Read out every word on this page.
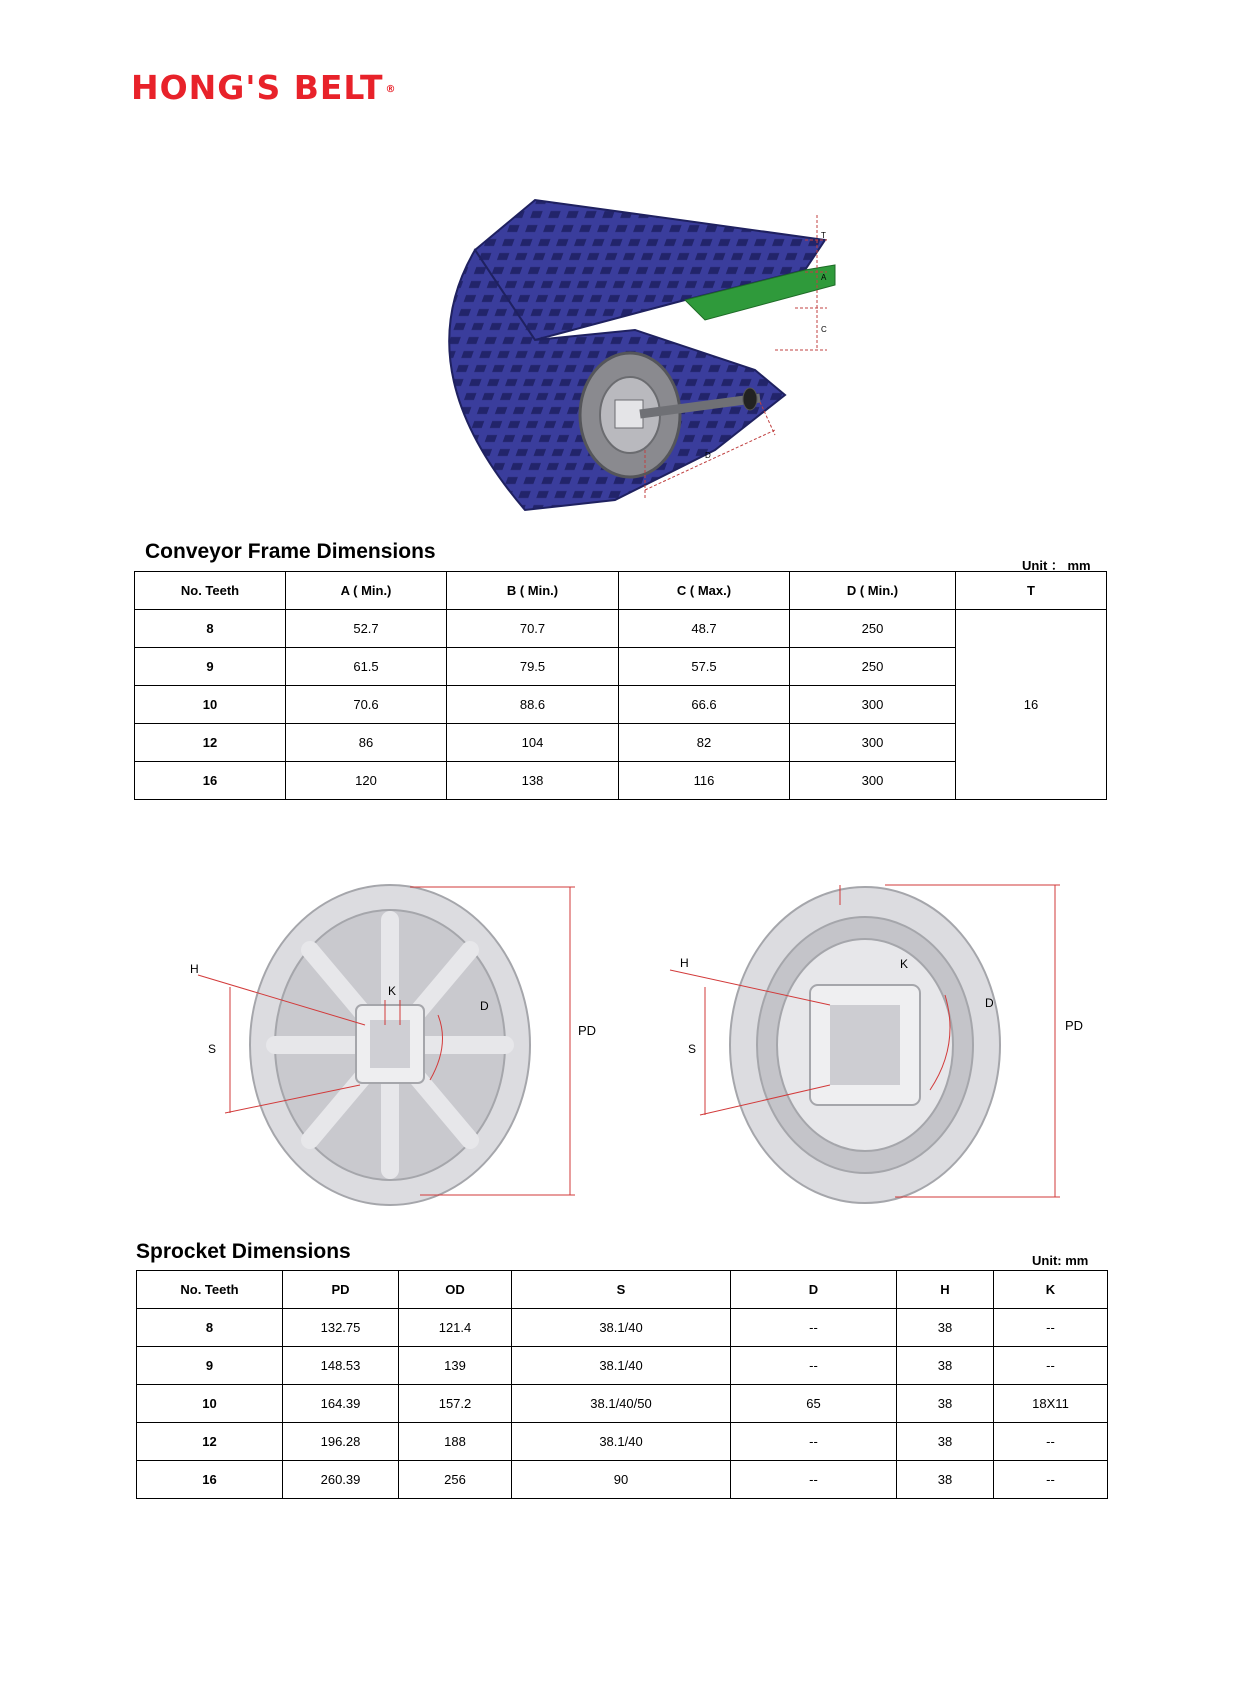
HONG'S BELT ®
T
A
C
D
Conveyor Frame Dimensions
Unit ： mm
No. Teeth	A ( Min.)	B ( Min.)	C ( Max.)	D ( Min.)	T
8	52.7	70.7	48.7	250	16
9	61.5	79.5	57.5	250	
10	70.6	88.6	66.6	300	
12	86	104	82	300	
16	120	138	116	300	
PD
H
S
K
D
PD
H
S
K
D
Sprocket Dimensions	Unit: mm
No. Teeth	PD	OD	S	D	H	K
8	132.75	121.4	38.1/40	--	38	--
9	148.53	139	38.1/40	--	38	--
10	164.39	157.2	38.1/40/50	65	38	18X11
12	196.28	188	38.1/40	--	38	--
16	260.39	256	90	--	38	--
